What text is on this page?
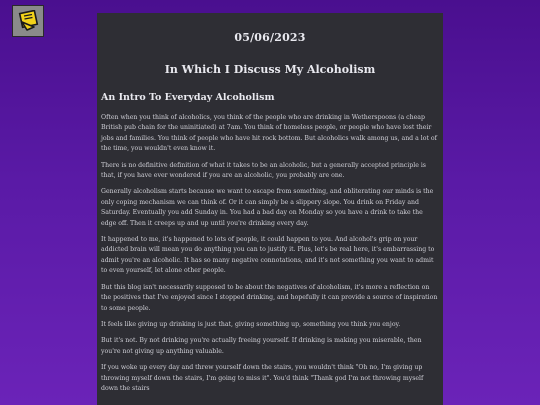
05/06/2023
In Which I Discuss My Alcoholism
An Intro To Everyday Alcoholism

Often when you think of alcoholics, you think of the people who are drinking in Wetherspoons (a cheap British pub chain for the uninitiated) at 7am. You think of homeless people, or people who have lost their jobs and families. You think of people who have hit rock bottom. But alcoholics walk among us, and a lot of the time, you wouldn't even know it.

There is no definitive definition of what it takes to be an alcoholic, but a generally accepted principle is that, if you have ever wondered if you are an alcoholic, you probably are one.

Generally alcoholism starts because we want to escape from something, and obliterating our minds is the only coping mechanism we can think of. Or it can simply be a slippery slope. You drink on Friday and Saturday. Eventually you add Sunday in. You had a bad day on Monday so you have a drink to take the edge off. Then it creeps up and up until you're drinking every day.

It happened to me, it's happened to lots of people, it could happen to you. And alcohol's grip on your addicted brain will mean you do anything you can to justify it. Plus, let's be real here, it's embarrassing to admit you're an alcoholic. It has so many negative connotations, and it's not something you want to admit to even yourself, let alone other people.

But this blog isn't necessarily supposed to be about the negatives of alcoholism, it's more a reflection on the positives that I've enjoyed since I stopped drinking, and hopefully it can provide a source of inspiration to some people.

It feels like giving up drinking is just that, giving something up, something you think you enjoy.

But it's not. By not drinking you're actually freeing yourself. If drinking is making you miserable, then you're not giving up anything valuable.

If you woke up every day and threw yourself down the stairs, you wouldn't think "Oh no, I'm giving up throwing myself down the stairs, I'm going to miss it". You'd think "Thank god I'm not throwing myself down the stairs
